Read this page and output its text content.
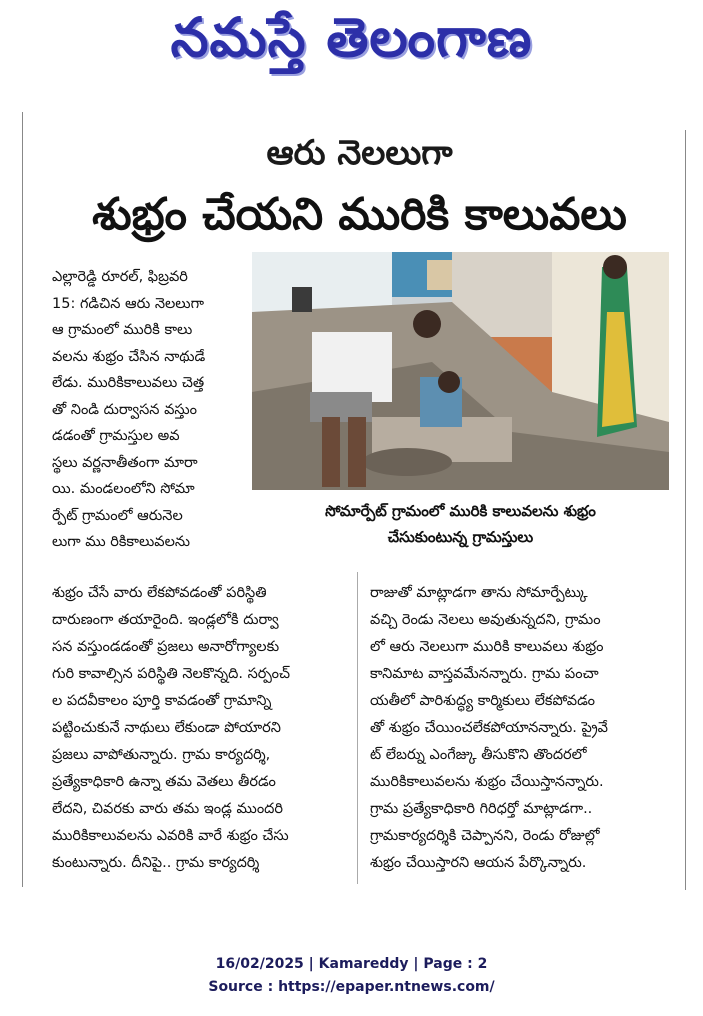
నమస్తే తెలంగాణ
ఆరు నెలలుగా
శుభ్రం చేయని మురికి కాలువలు
ఎల్లారెడ్డి రూరల్, ఫిబ్రవరి
15: గడిచిన ఆరు నెలలుగా
ఆ గ్రామంలో మురికి కాలు
వలను శుభ్రం చేసిన నాథుడే
లేడు. మురికికాలువలు చెత్త
తో నిండి దుర్వాసన వస్తుం
డడంతో గ్రామస్తుల అవ
స్థలు వర్ణనాతీతంగా మారా
యి. మండలంలోని సోమా
ర్పేట్ గ్రామంలో ఆరునెల
లుగా ము రికికాలువలను
సోమార్పేట్ గ్రామంలో మురికి కాలువలను శుభ్రం
చేసుకుంటున్న గ్రామస్తులు
శుభ్రం చేసే వారు లేకపోవడంతో పరిస్థితి
దారుణంగా తయారైంది. ఇండ్లలోకి దుర్వా
సన వస్తుండడంతో ప్రజలు అనారోగ్యాలకు
గురి కావాల్సిన పరిస్థితి నెలకొన్నది. సర్పంచ్
ల పదవీకాలం పూర్తి కావడంతో గ్రామాన్ని
పట్టించుకునే నాథులు లేకుండా పోయారని
ప్రజలు వాపోతున్నారు. గ్రామ కార్యదర్శి,
ప్రత్యేకాధికారి ఉన్నా తమ వెతలు తీరడం
లేదని, చివరకు వారు తమ ఇండ్ల ముందరి
మురికికాలువలను ఎవరికి వారే శుభ్రం చేసు
కుంటున్నారు. దీనిపై.. గ్రామ కార్యదర్శి
రాజుతో మాట్లాడగా తాను సోమార్పేట్కు
వచ్చి రెండు నెలలు అవుతున్నదని, గ్రామం
లో ఆరు నెలలుగా మురికి కాలువలు శుభ్రం
కానిమాట వాస్తవమేనన్నారు. గ్రామ పంచా
యతీలో పారిశుద్ధ్య కార్మికులు లేకపోవడం
తో శుభ్రం చేయించలేకపోయానన్నారు. ప్రైవే
ట్ లేబర్ను ఎంగేజ్కు తీసుకొని తొందరలో
మురికికాలువలను శుభ్రం చేయిస్తానన్నారు.
గ్రామ ప్రత్యేకాధికారి గిరిధర్తో మాట్లాడగా..
గ్రామకార్యదర్శికి చెప్పానని, రెండు రోజుల్లో
శుభ్రం చేయిస్తారని ఆయన పేర్కొన్నారు.
16/02/2025 | Kamareddy | Page : 2
Source : https://epaper.ntnews.com/
